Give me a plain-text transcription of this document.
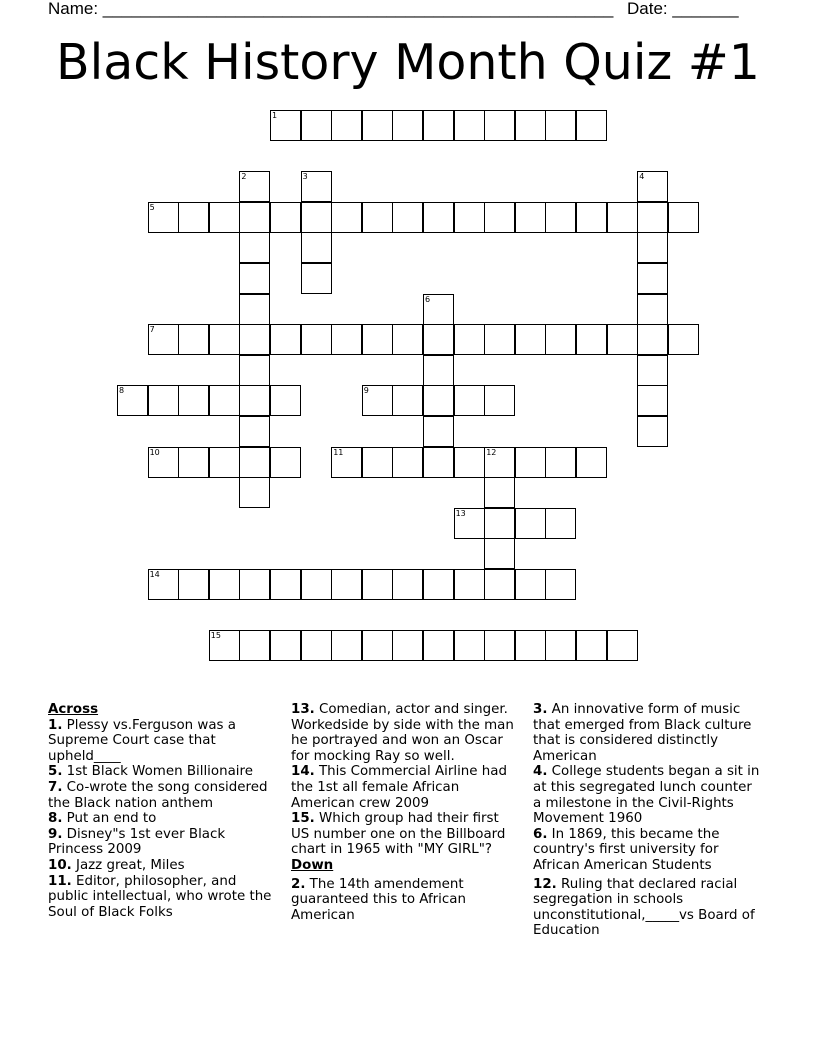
Name: ______________________________________________________ Date: _______
Black History Month Quiz #1
1
2	3	4
5
6
7
8	9
10	11	12
13
14
15
Across
1. Plessy vs.Ferguson was a Supreme Court case that upheld____
5. 1st Black Women Billionaire
7. Co-wrote the song considered the Black nation anthem
8. Put an end to
9. Disney"s 1st ever Black Princess 2009
10. Jazz great, Miles
11. Editor, philosopher, and public intellectual, who wrote the Soul of Black Folks
13. Comedian, actor and singer. Workedside by side with the man he portrayed and won an Oscar for mocking Ray so well.
14. This Commercial Airline had the 1st all female African American crew 2009
15. Which group had their first US number one on the Billboard chart in 1965 with "MY GIRL"?
Down
2. The 14th amendement guaranteed this to African American
3. An innovative form of music that emerged from Black culture that is considered distinctly American
4. College students began a sit in at this segregated lunch counter a milestone in the Civil-Rights Movement 1960
6. In 1869, this became the country's first university for African American Students
12. Ruling that declared racial segregation in schools unconstitutional,_____vs Board of Education
